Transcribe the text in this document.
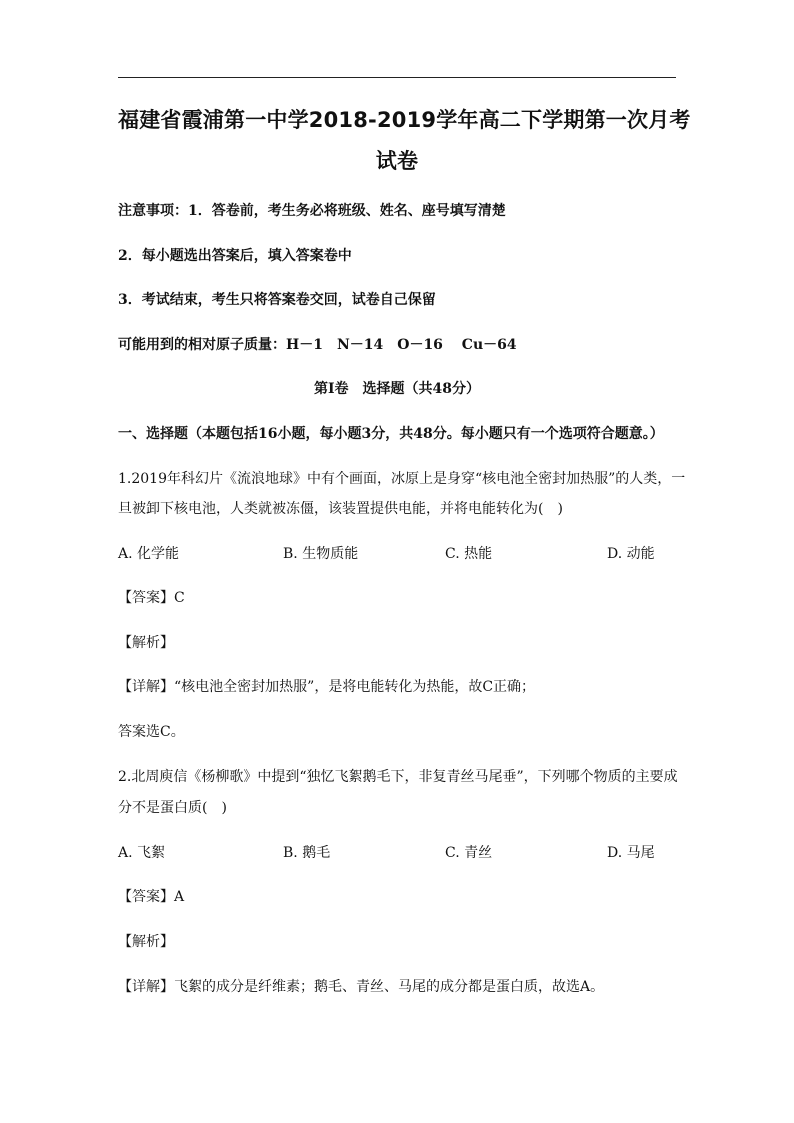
福建省霞浦第一中学2018-2019学年高二下学期第一次月考
试卷
注意事项：1．答卷前，考生务必将班级、姓名、座号填写清楚
2．每小题选出答案后，填入答案卷中
3．考试结束，考生只将答案卷交回，试卷自己保留
可能用到的相对原子质量：H－1　N－14　O－16　 Cu－64
第Ⅰ卷　选择题（共48分）
一、选择题（本题包括16小题，每小题3分，共48分。每小题只有一个选项符合题意。）
1.2019年科幻片《流浪地球》中有个画面，冰原上是身穿“核电池全密封加热服”的人类，一
旦被卸下核电池，人类就被冻僵，该装置提供电能，并将电能转化为(　)
A. 化学能	B. 生物质能	C. 热能	D. 动能
【答案】C
【解析】
【详解】“核电池全密封加热服”，是将电能转化为热能，故C正确；
答案选C。
2.北周庾信《杨柳歌》中提到“独忆飞絮鹅毛下，非复青丝马尾垂”，下列哪个物质的主要成
分不是蛋白质(　)
A. 飞絮	B. 鹅毛	C. 青丝	D. 马尾
【答案】A
【解析】
【详解】飞絮的成分是纤维素；鹅毛、青丝、马尾的成分都是蛋白质，故选A。
